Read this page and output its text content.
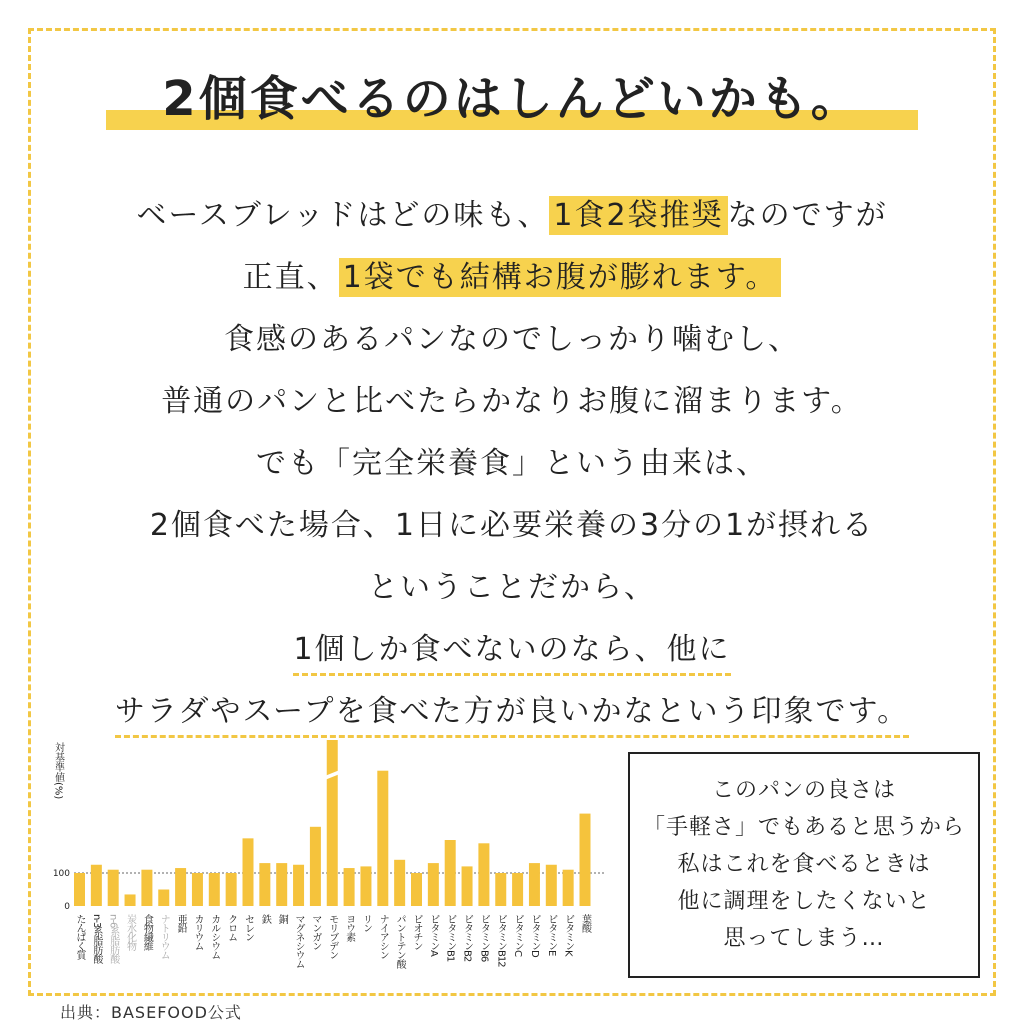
2個食べるのはしんどいかも。
ベースブレッドはどの味も、 1食2袋推奨 なのですが
正直、 1袋でも結構お腹が膨れます。
食感のあるパンなのでしっかり噛むし、
普通のパンと比べたらかなりお腹に溜まります。
でも「完全栄養食」という由来は、
2個食べた場合、1日に必要栄養の3分の1が摂れる
ということだから、
1個しか食べないのなら、他に
サラダやスープを食べた方が良いかなという印象です。
対基準値(%)
0
100
たんぱく質 n-3系脂肪酸 n-6系脂肪酸 炭水化物 食物繊維 ナトリウム 亜鉛 カリウム カルシウム クロム セレン 鉄 銅 マグネシウム マンガン モリブデン ヨウ素 リン ナイアシン パントテン酸 ビオチン ビタミンA ビタミンB1 ビタミンB2 ビタミンB6 ビタミンB12 ビタミンC ビタミンD ビタミンE ビタミンK 葉酸
このパンの良さは
「手軽さ」でもあると思うから
私はこれを食べるときは
他に調理をしたくないと
思ってしまう…
出典：BASEFOOD公式
